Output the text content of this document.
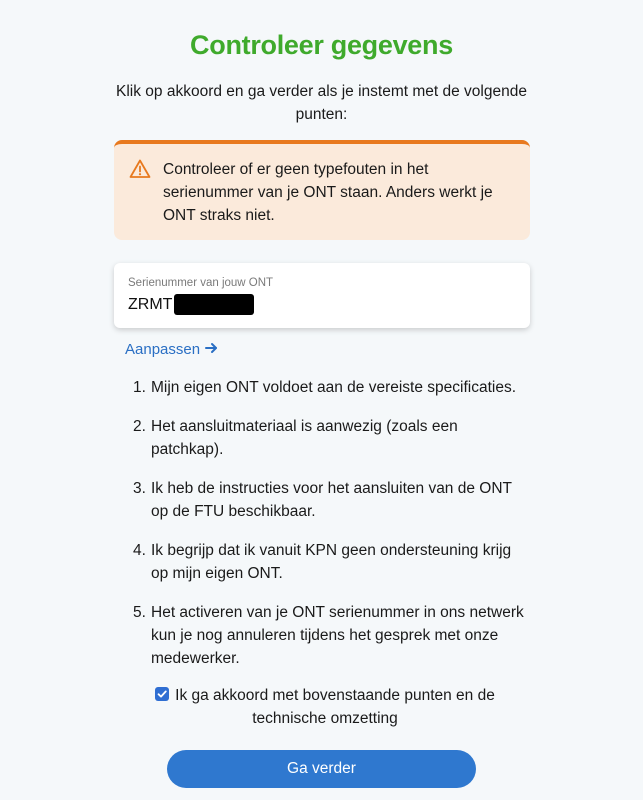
Controleer gegevens

Klik op akkoord en ga verder als je instemt met de volgende punten:

Controleer of er geen typefouten in het serienummer van je ONT staan. Anders werkt je ONT straks niet.
Serienummer van jouw ONT
ZRMT
Aanpassen
1. Mijn eigen ONT voldoet aan de vereiste specificaties.
2. Het aansluitmateriaal is aanwezig (zoals een patchkap).
3. Ik heb de instructies voor het aansluiten van de ONT op de FTU beschikbaar.
4. Ik begrijp dat ik vanuit KPN geen ondersteuning krijg op mijn eigen ONT.
5. Het activeren van je ONT serienummer in ons netwerk kun je nog annuleren tijdens het gesprek met onze medewerker.
Ik ga akkoord met bovenstaande punten en de technische omzetting
Ga verder
